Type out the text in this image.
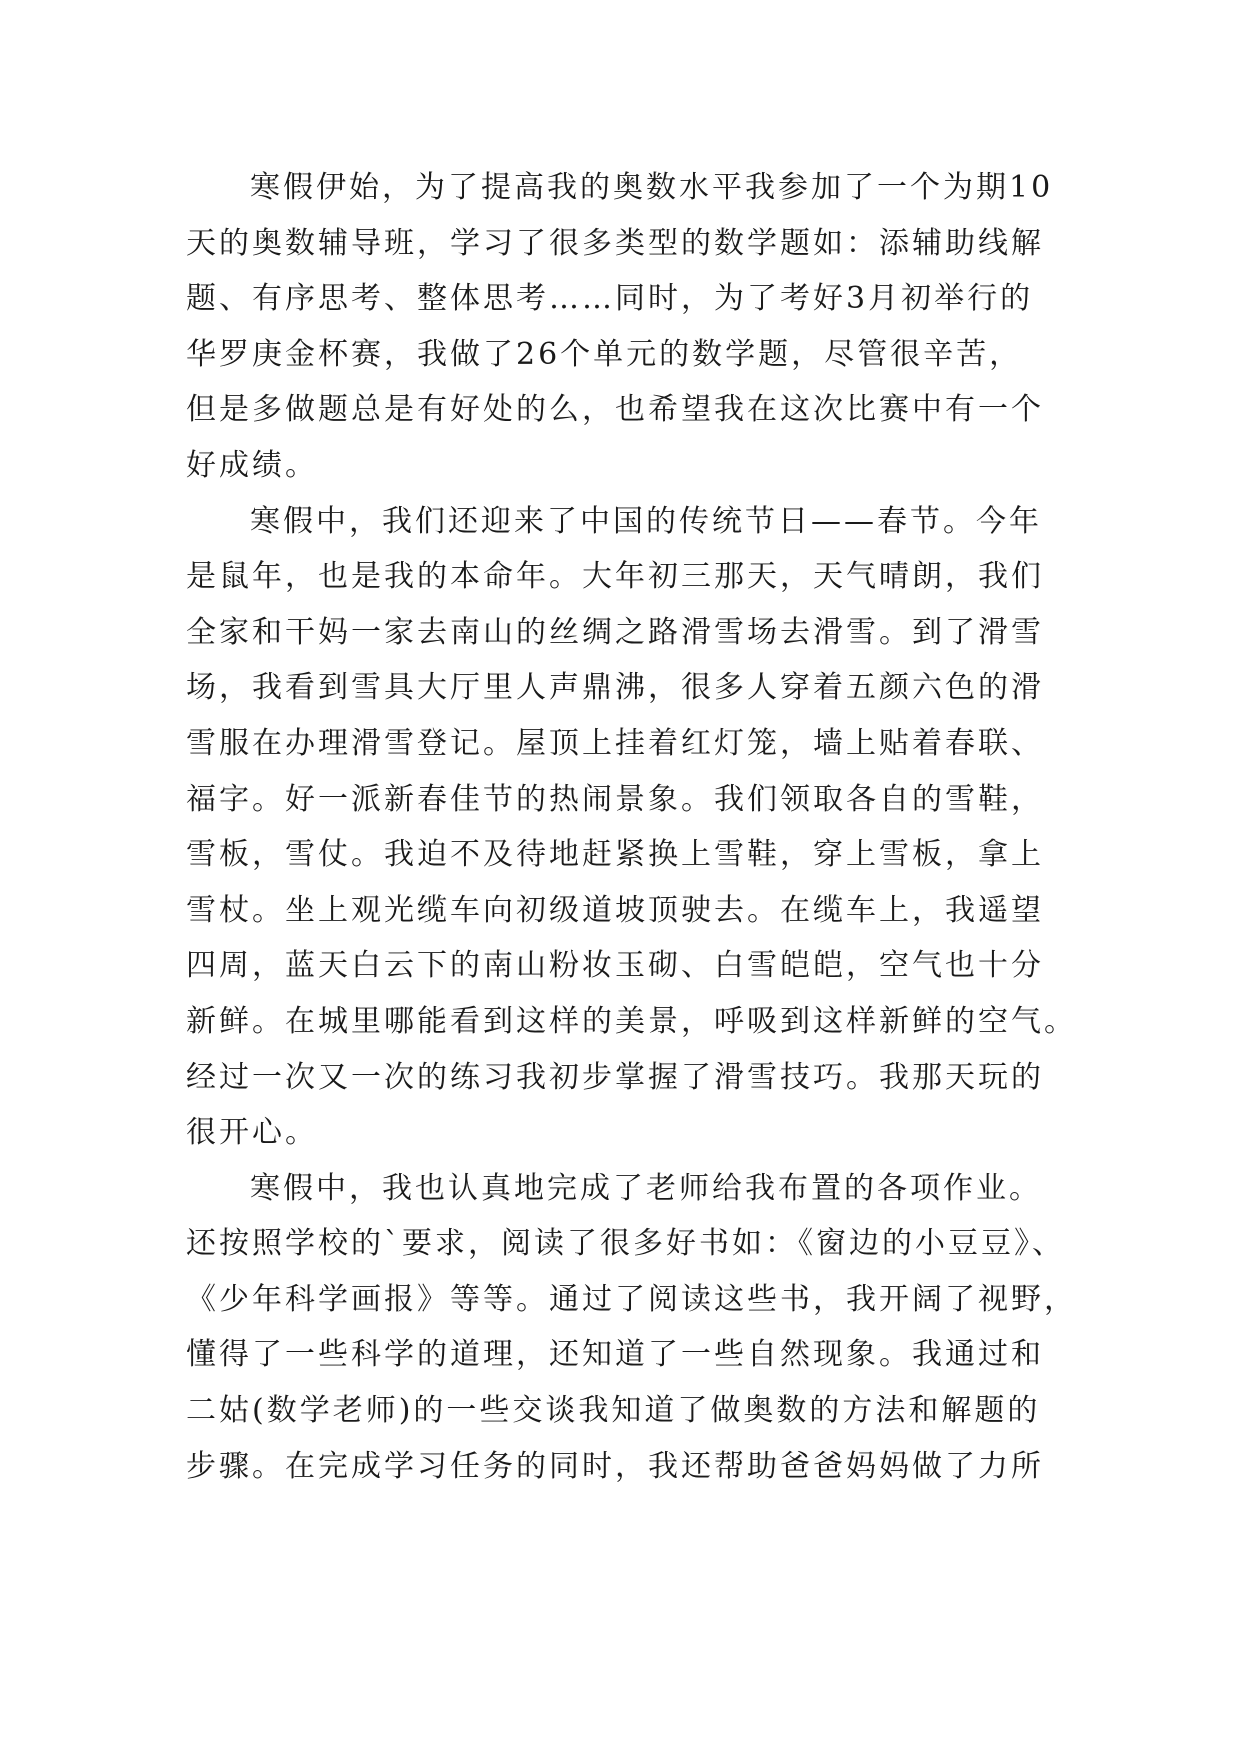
寒假伊始，为了提高我的奥数水平我参加了一个为期10
天的奥数辅导班，学习了很多类型的数学题如：添辅助线解
题、有序思考、整体思考……同时，为了考好3月初举行的
华罗庚金杯赛，我做了26个单元的数学题，尽管很辛苦，
但是多做题总是有好处的么，也希望我在这次比赛中有一个
好成绩。
寒假中，我们还迎来了中国的传统节日——春节。今年
是鼠年，也是我的本命年。大年初三那天，天气晴朗，我们
全家和干妈一家去南山的丝绸之路滑雪场去滑雪。到了滑雪
场，我看到雪具大厅里人声鼎沸，很多人穿着五颜六色的滑
雪服在办理滑雪登记。屋顶上挂着红灯笼，墙上贴着春联、
福字。好一派新春佳节的热闹景象。我们领取各自的雪鞋，
雪板，雪仗。我迫不及待地赶紧换上雪鞋，穿上雪板，拿上
雪杖。坐上观光缆车向初级道坡顶驶去。在缆车上，我遥望
四周，蓝天白云下的南山粉妆玉砌、白雪皑皑，空气也十分
新鲜。在城里哪能看到这样的美景，呼吸到这样新鲜的空气。
经过一次又一次的练习我初步掌握了滑雪技巧。我那天玩的
很开心。
寒假中，我也认真地完成了老师给我布置的各项作业。
还按照学校的`要求，阅读了很多好书如：《窗边的小豆豆》、
《少年科学画报》等等。通过了阅读这些书，我开阔了视野，
懂得了一些科学的道理，还知道了一些自然现象。我通过和
二姑(数学老师)的一些交谈我知道了做奥数的方法和解题的
步骤。在完成学习任务的同时，我还帮助爸爸妈妈做了力所
